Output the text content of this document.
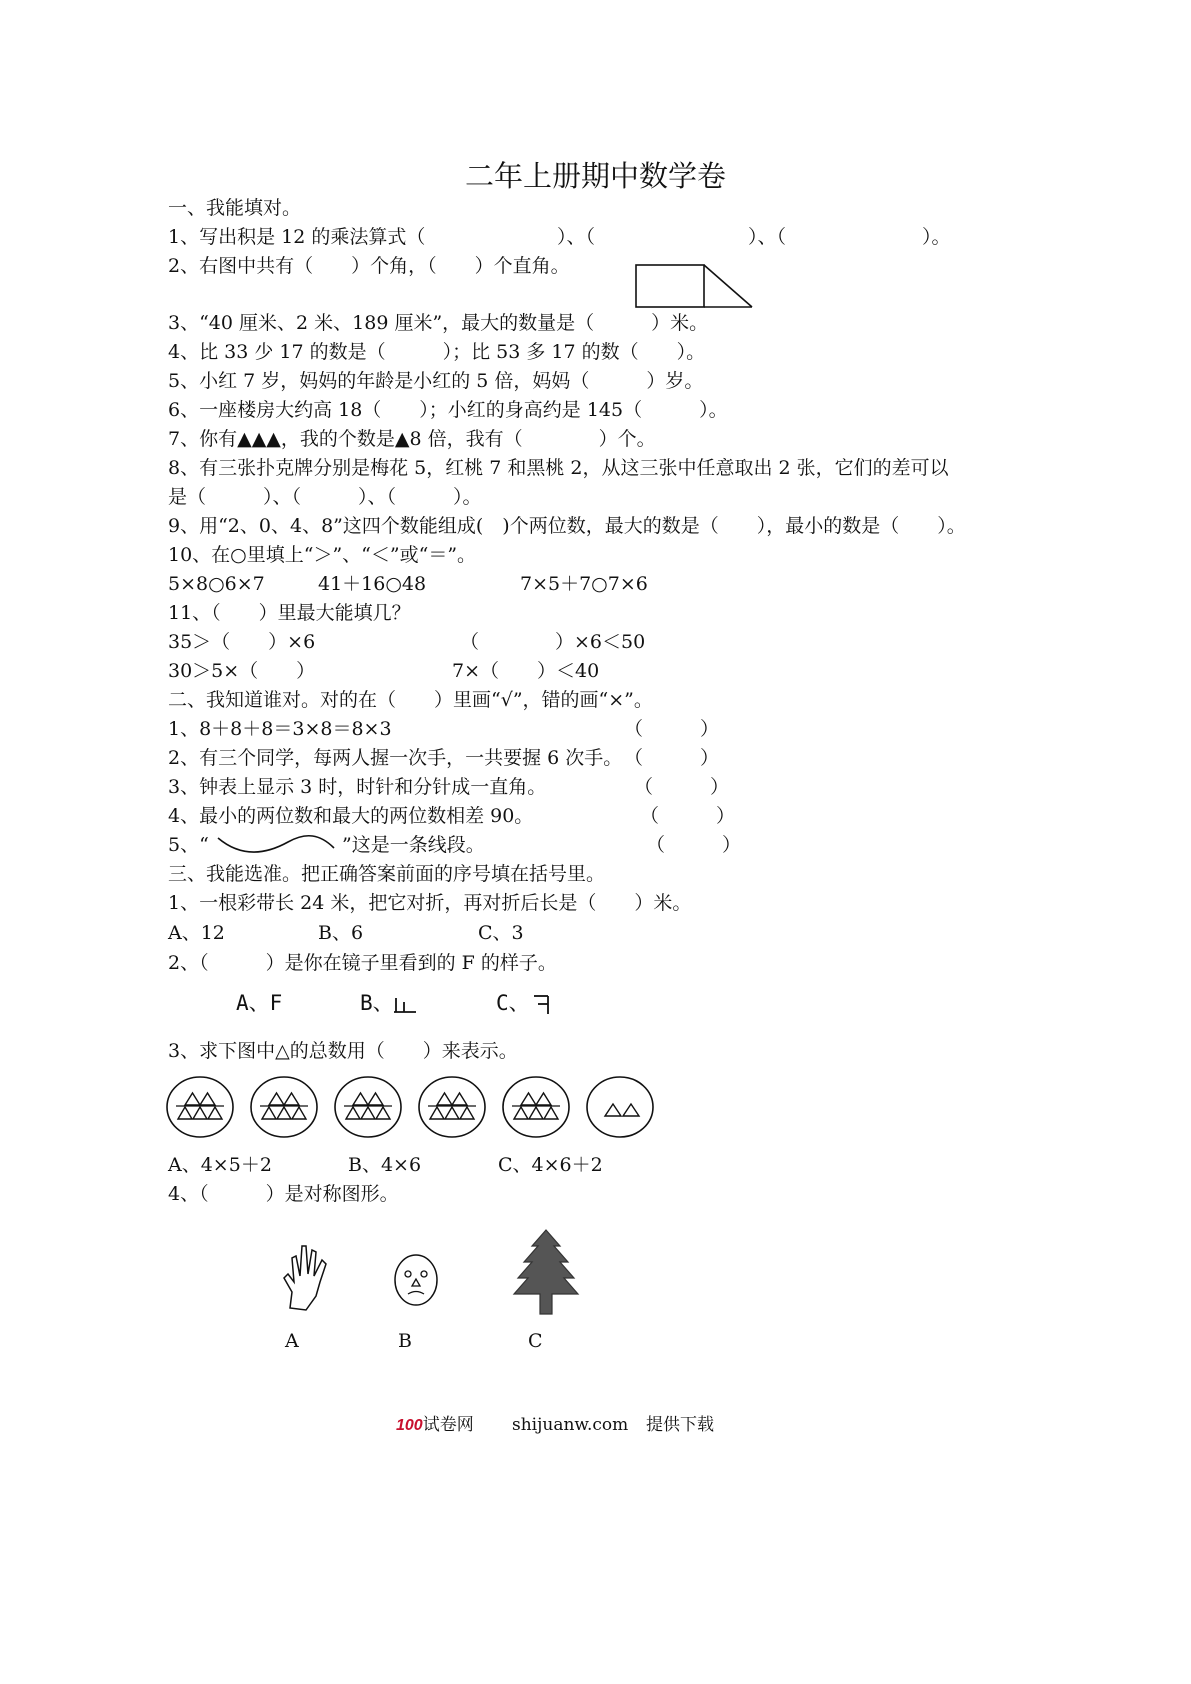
二年上册期中数学卷
一、我能填对。
1、写出积是 12 的乘法算式（	）、（	）、（	）。
2、右图中共有（　　）个角，（　　）个直角。
3、“40 厘米、2 米、189 厘米”，最大的数量是（　　　）米。
4、比 33 少 17 的数是（　　　）；比 53 多 17 的数（　　）。
5、小红 7 岁，妈妈的年龄是小红的 5 倍，妈妈（　　　）岁。
6、一座楼房大约高 18（　　）；小红的身高约是 145（　　　）。
7、你有▲▲▲，我的个数是▲8 倍，我有（　　　　）个。
8、有三张扑克牌分别是梅花 5，红桃 7 和黑桃 2，从这三张中任意取出 2 张，它们的差可以
是（　　　）、（　　　）、（　　　）。
9、用“2、0、4、8”这四个数能组成(　)个两位数，最大的数是（　　），最小的数是（　　）。
10、在○里填上“＞”、“＜”或“＝”。
5×8○6×7	41＋16○48	7×5＋7○7×6
11、（　　）里最大能填几？
35＞（　　）×6	（　　　　）×6＜50
30＞5×（　　）	7×（　　）＜40
二、我知道谁对。对的在（　　）里画“√”，错的画“×”。
1、8＋8＋8＝3×8＝8×3	（　　　）
2、有三个同学，每两人握一次手，一共要握 6 次手。 （　　　）
3、钟表上显示 3 时，时针和分针成一直角。	（　　　）
4、最小的两位数和最大的两位数相差 90。	（　　　）
5、“	”这是一条线段。	（　　　）
三、我能选准。把正确答案前面的序号填在括号里。
1、一根彩带长 24 米，把它对折，再对折后长是（　　）米。
A、12	B、6	C、3
2、（　　　）是你在镜子里看到的 F 的样子。
A、F	B、	C、
3、求下图中△的总数用（　　）来表示。
A、4×5＋2	B、4×6	C、4×6＋2
4、（　　　）是对称图形。
A	B	C
100试卷网 shijuanw.com 提供下载
